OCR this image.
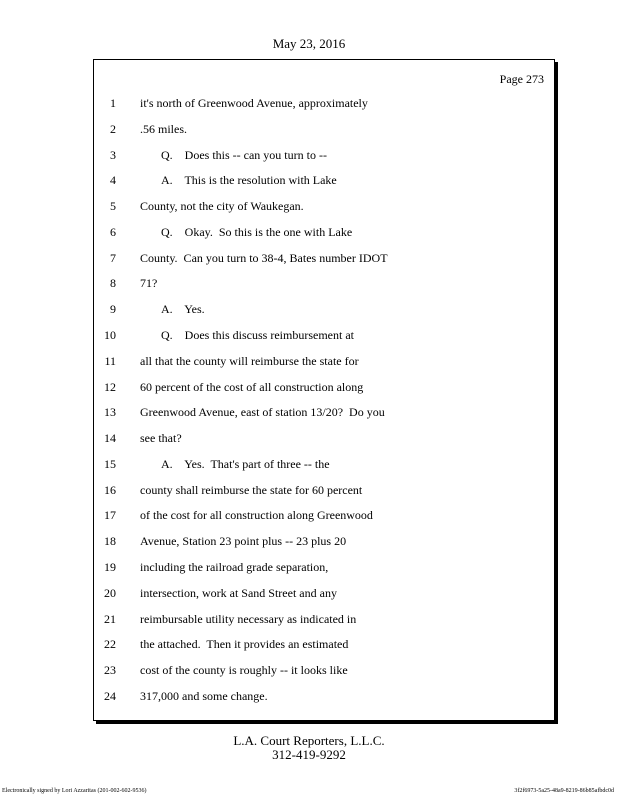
May 23, 2016
Page 273
1 it's north of Greenwood Avenue, approximately
2 .56 miles.
3	Q.    Does this -- can you turn to --
4	A.    This is the resolution with Lake
5 County, not the city of Waukegan.
6	Q.    Okay.  So this is the one with Lake
7 County.  Can you turn to 38-4, Bates number IDOT
8 71?
9	A.    Yes.
10	Q.    Does this discuss reimbursement at
11 all that the county will reimburse the state for
12 60 percent of the cost of all construction along
13 Greenwood Avenue, east of station 13/20?  Do you
14 see that?
15	A.    Yes.  That's part of three -- the
16 county shall reimburse the state for 60 percent
17 of the cost for all construction along Greenwood
18 Avenue, Station 23 point plus -- 23 plus 20
19 including the railroad grade separation,
20 intersection, work at Sand Street and any
21 reimbursable utility necessary as indicated in
22 the attached.  Then it provides an estimated
23 cost of the county is roughly -- it looks like
24 317,000 and some change.
L.A. Court Reporters, L.L.C.
312-419-9292
Electronically signed by Lori Azzaritas (201-002-602-9536)	3f2f6973-5a25-48a9-8219-86b85afbdc0d
